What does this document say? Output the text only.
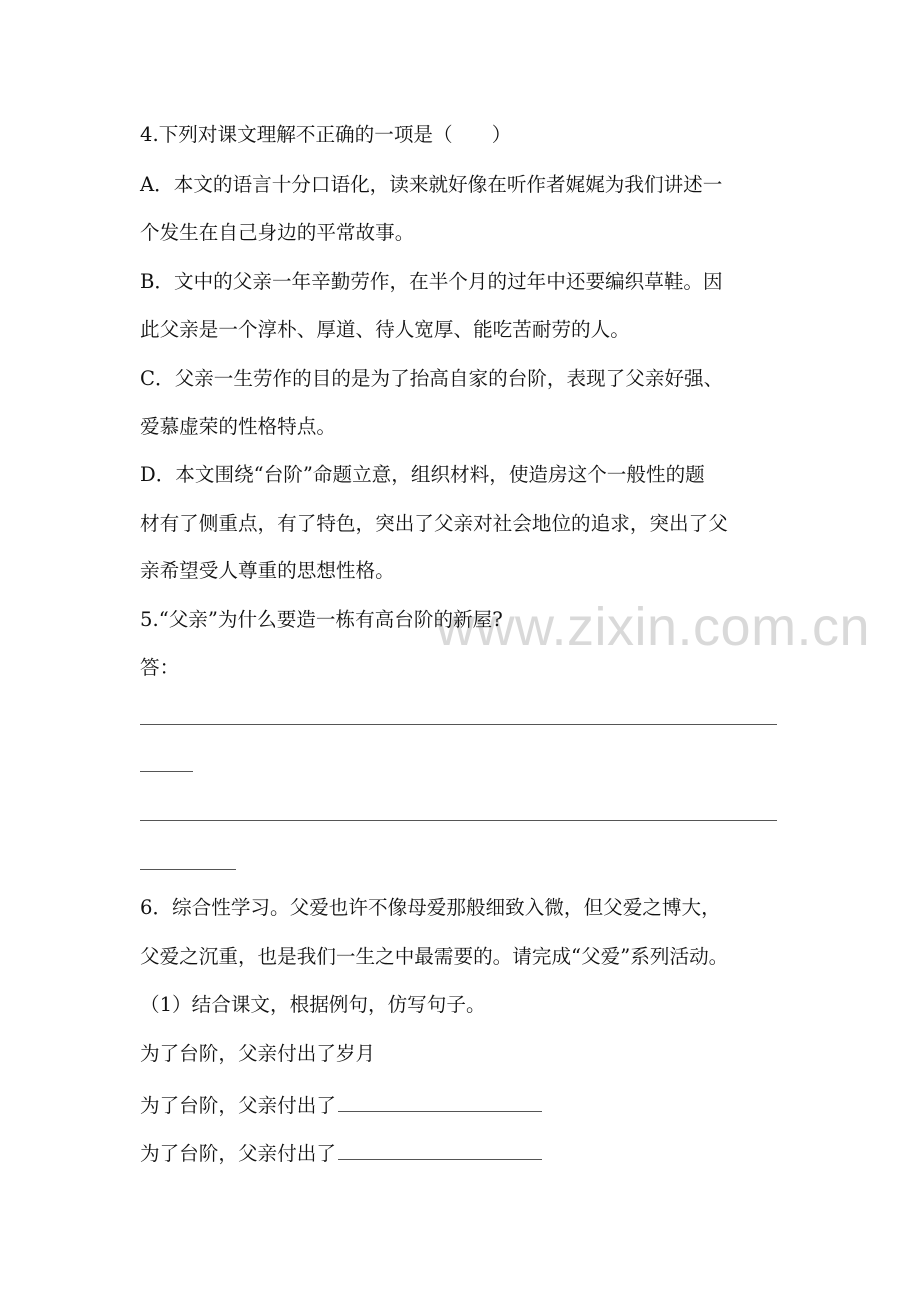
www.zixin.com.cn

4.下列对课文理解不正确的一项是（　　）

A．本文的语言十分口语化，读来就好像在听作者娓娓为我们讲述一

个发生在自己身边的平常故事。

B．文中的父亲一年辛勤劳作，在半个月的过年中还要编织草鞋。因

此父亲是一个淳朴、厚道、待人宽厚、能吃苦耐劳的人。

C．父亲一生劳作的目的是为了抬高自家的台阶，表现了父亲好强、

爱慕虚荣的性格特点。

D．本文围绕“台阶”命题立意，组织材料，使造房这个一般性的题

材有了侧重点，有了特色，突出了父亲对社会地位的追求，突出了父

亲希望受人尊重的思想性格。

5.“父亲”为什么要造一栋有高台阶的新屋?

答：

6．综合性学习。父爱也许不像母爱那般细致入微，但父爱之博大，

父爱之沉重，也是我们一生之中最需要的。请完成“父爱”系列活动。

（1）结合课文，根据例句，仿写句子。

为了台阶，父亲付出了岁月

为了台阶，父亲付出了

为了台阶，父亲付出了
